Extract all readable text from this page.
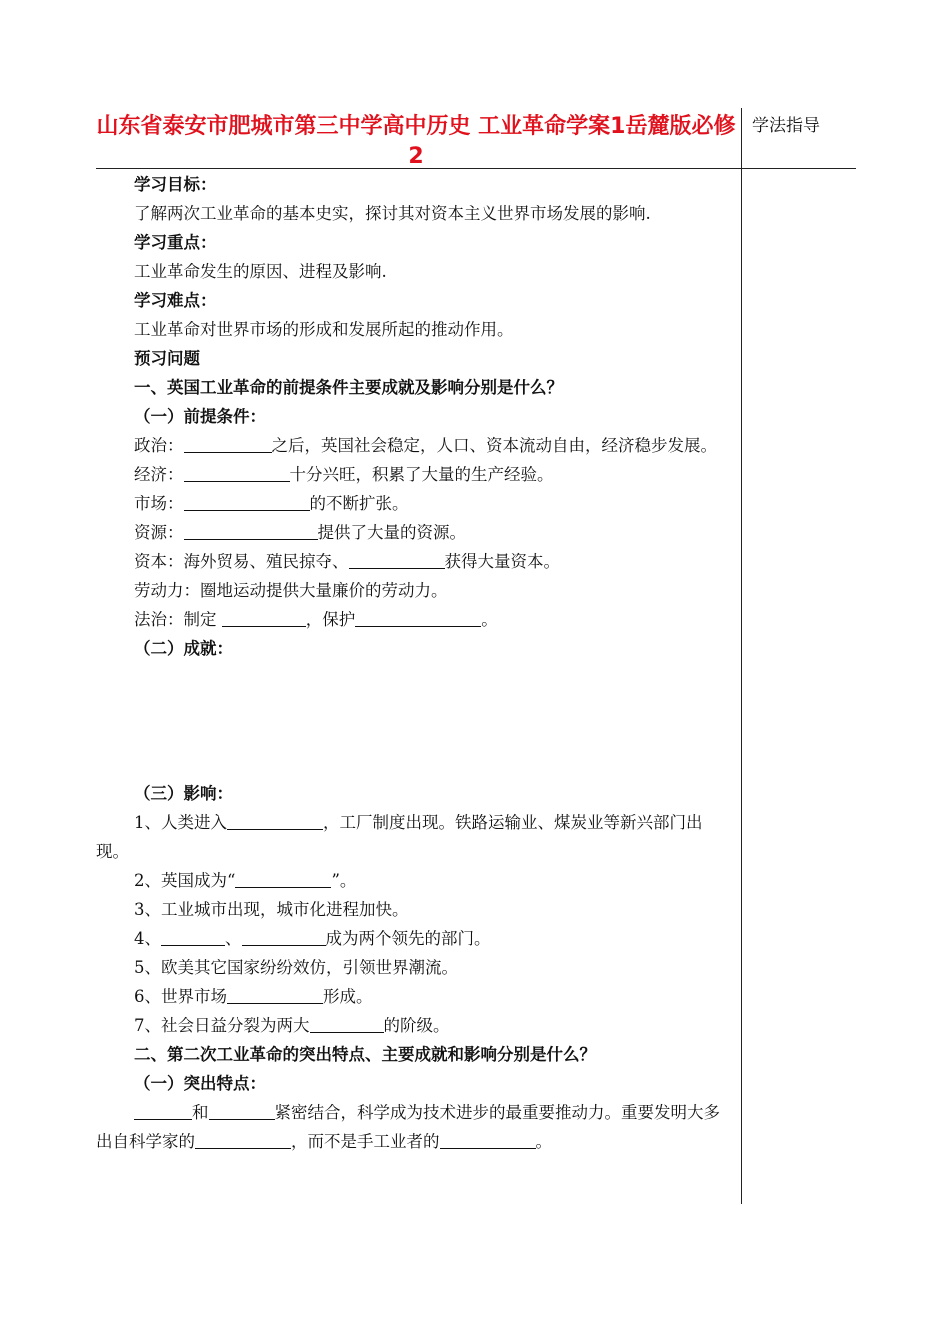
山东省泰安市肥城市第三中学高中历史 工业革命学案1岳麓版必修2
学法指导

学习目标：

了解两次工业革命的基本史实，探讨其对资本主义世界市场发展的影响.

学习重点：

工业革命发生的原因、进程及影响.

学习难点：

工业革命对世界市场的形成和发展所起的推动作用。

预习问题

一、英国工业革命的前提条件主要成就及影响分别是什么？

（一）前提条件：

政治：	之后，英国社会稳定，人口、资本流动自由，经济稳步发展。

经济：	十分兴旺，积累了大量的生产经验。

市场：	的不断扩张。

资源：	提供了大量的资源。

资本：海外贸易、殖民掠夺、	获得大量资本。

劳动力：圈地运动提供大量廉价的劳动力。

法治：制定	，保护	。

（二）成就：

（三）影响：

1、人类进入	，工厂制度出现。铁路运输业、煤炭业等新兴部门出现。

2、英国成为“	”。

3、工业城市出现，城市化进程加快。

4、	、	成为两个领先的部门。

5、欧美其它国家纷纷效仿，引领世界潮流。

6、世界市场	形成。

7、社会日益分裂为两大	的阶级。

二、第二次工业革命的突出特点、主要成就和影响分别是什么？

（一）突出特点：

和	紧密结合，科学成为技术进步的最重要推动力。重要发明大多出自科学家的	，而不是手工业者的	。
